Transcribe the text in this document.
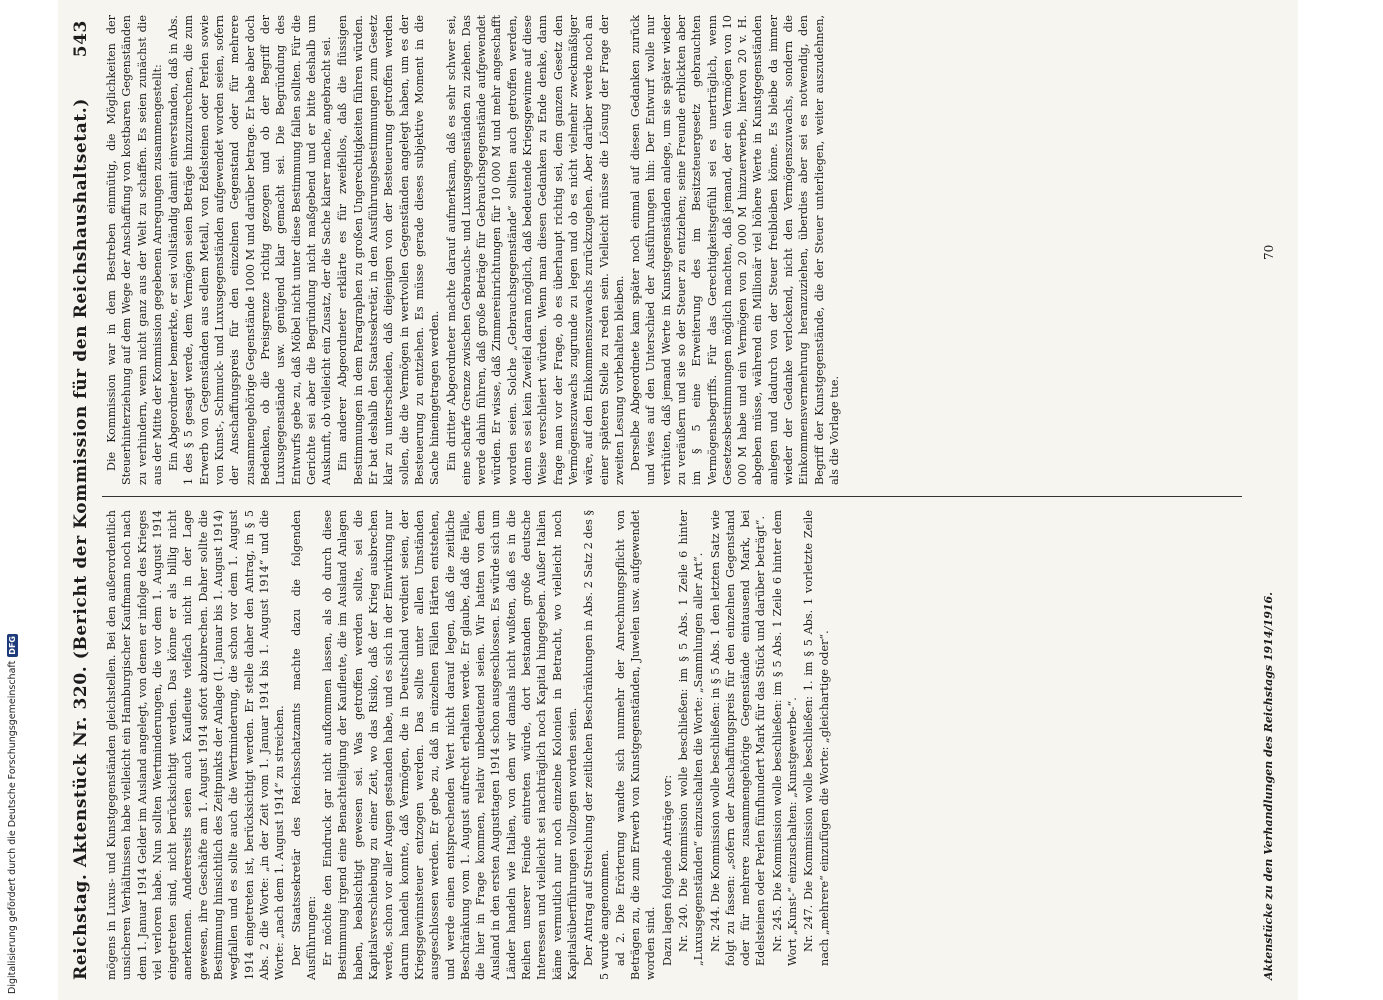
Reichstag. Aktenstück Nr. 320. (Bericht der Kommission für den Reichshaushaltsetat.)
543

mögens in Luxus- und Kunstgegenständen gleichstellen. Bei den außerordentlich unsicheren Verhältnissen habe vielleicht ein Hamburgischer Kaufmann noch nach dem 1. Januar 1914 Gelder im Ausland angelegt, von denen er infolge des Krieges viel verloren habe. Nun sollten Wertminderungen, die vor dem 1. August 1914 eingetreten sind, nicht berücksichtigt werden. Das könne er als billig nicht anerkennen. Andererseits seien auch Kaufleute vielfach nicht in der Lage gewesen, ihre Geschäfte am 1. August 1914 sofort abzubrechen. Daher sollte die Bestimmung hinsichtlich des Zeitpunkts der Anlage (1. Januar bis 1. August 1914) wegfallen und es sollte auch die Wertminderung, die schon vor dem 1. August 1914 eingetreten ist, berücksichtigt werden. Er stelle daher den Antrag, in § 5 Abs. 2 die Worte: „in der Zeit vom 1. Januar 1914 bis 1. August 1914“ und die Worte: „nach dem 1. August 1914“ zu streichen. Der Staatssekretär des Reichsschatzamts machte dazu die folgenden Ausführungen: Er möchte den Eindruck gar nicht aufkommen lassen, als ob durch diese Bestimmung irgend eine Benachteiligung der Kaufleute, die im Ausland Anlagen haben, beabsichtigt gewesen sei. Was getroffen werden sollte, sei die Kapitalsverschiebung zu einer Zeit, wo das Risiko, daß der Krieg ausbrechen werde, schon vor aller Augen gestanden habe, und es sich in der Einwirkung nur darum handeln konnte, daß Vermögen, die in Deutschland verdient seien, der Kriegsgewinnsteuer entzogen werden. Das sollte unter allen Umständen ausgeschlossen werden. Er gebe zu, daß in einzelnen Fällen Härten entstehen, und werde einen entsprechenden Wert nicht darauf legen, daß die zeitliche Beschränkung vom 1. August aufrecht erhalten werde. Er glaube, daß die Fälle, die hier in Frage kommen, relativ unbedeutend seien. Wir hatten von dem Ausland in den ersten Augusttagen 1914 schon ausgeschlossen. Es würde sich um Länder handeln wie Italien, von dem wir damals nicht wußten, daß es in die Reihen unserer Feinde eintreten würde, dort bestanden große deutsche Interessen und vielleicht sei nachträglich noch Kapital hingegeben. Außer Italien käme vermutlich nur noch einzelne Kolonien in Betracht, wo vielleicht noch Kapitalsüberführungen vollzogen worden seien. Der Antrag auf Streichung der zeitlichen Beschränkungen in Abs. 2 Satz 2 des § 5 wurde angenommen. ad 2. Die Erörterung wandte sich nunmehr der Anrechnungspflicht von Beträgen zu, die zum Erwerb von Kunstgegenständen, Juwelen usw. aufgewendet worden sind. Dazu lagen folgende Anträge vor: Nr. 240. Die Kommission wolle beschließen: im § 5 Abs. 1 Zeile 6 hinter „Luxusgegenständen“ einzuschalten die Worte: „Sammlungen aller Art“. Nr. 244. Die Kommission wolle beschließen: in § 5 Abs. 1 den letzten Satz wie folgt zu fassen: „sofern der Anschaffungspreis für den einzelnen Gegenstand oder für mehrere zusammengehörige Gegenstände eintausend Mark, bei Edelsteinen oder Perlen fünfhundert Mark für das Stück und darüber beträgt“. Nr. 245. Die Kommission wolle beschließen: im § 5 Abs. 1 Zeile 6 hinter dem Wort „Kunst-“ einzuschalten: „Kunstgewerbe-“. Nr. 247. Die Kommission wolle beschließen: 1. im § 5 Abs. 1 vorletzte Zeile nach „mehrere“ einzufügen die Worte: „gleichartige oder“.

Die Kommission war in dem Bestreben einmütig, die Möglichkeiten der Steuerhinterziehung auf dem Wege der Anschaffung von kostbaren Gegenständen zu verhindern, wenn nicht ganz aus der Welt zu schaffen. Es seien zunächst die aus der Mitte der Kommission gegebenen Anregungen zusammengestellt: Ein Abgeordneter bemerkte, er sei vollständig damit einverstanden, daß in Abs. 1 des § 5 gesagt werde, dem Vermögen seien Beträge hinzuzurechnen, die zum Erwerb von Gegenständen aus edlem Metall, von Edelsteinen oder Perlen sowie von Kunst-, Schmuck- und Luxusgegenständen aufgewendet worden seien, sofern der Anschaffungspreis für den einzelnen Gegenstand oder für mehrere zusammengehörige Gegenstände 1000 M und darüber betrage. Er habe aber doch Bedenken, ob die Preisgrenze richtig gezogen und ob der Begriff der Luxusgegenstände usw. genügend klar gemacht sei. Die Begründung des Entwurfs gebe zu, daß Möbel nicht unter diese Bestimmung fallen sollten. Für die Gerichte sei aber die Begründung nicht maßgebend und er bitte deshalb um Auskunft, ob vielleicht ein Zusatz, der die Sache klarer mache, angebracht sei. Ein anderer Abgeordneter erklärte es für zweifellos, daß die flüssigen Bestimmungen in dem Paragraphen zu großen Ungerechtigkeiten führen würden. Er bat deshalb den Staatssekretär, in den Ausführungsbestimmungen zum Gesetz klar zu unterscheiden, daß diejenigen von der Besteuerung getroffen werden sollen, die die Vermögen in wertvollen Gegenständen angelegt haben, um es der Besteuerung zu entziehen. Es müsse gerade dieses subjektive Moment in die Sache hineingetragen werden. Ein dritter Abgeordneter machte darauf aufmerksam, daß es sehr schwer sei, eine scharfe Grenze zwischen Gebrauchs- und Luxusgegenständen zu ziehen. Das werde dahin führen, daß große Beträge für Gebrauchsgegenstände aufgewendet würden. Er wisse, daß Zimmereinrichtungen für 10 000 M und mehr angeschafft worden seien. Solche „Gebrauchsgegenstände“ sollten auch getroffen werden, denn es sei kein Zweifel daran möglich, daß bedeutende Kriegsgewinne auf diese Weise verschleiert würden. Wenn man diesen Gedanken zu Ende denke, dann frage man vor der Frage, ob es überhaupt richtig sei, dem ganzen Gesetz den Vermögenszuwachs zugrunde zu legen und ob es nicht vielmehr zweckmäßiger wäre, auf den Einkommenszuwachs zurückzugehen. Aber darüber werde noch an einer späteren Stelle zu reden sein. Vielleicht müsse die Lösung der Frage der zweiten Lesung vorbehalten bleiben. Derselbe Abgeordnete kam später noch einmal auf diesen Gedanken zurück und wies auf den Unterschied der Ausführungen hin: Der Entwurf wolle nur verhüten, daß jemand Werte in Kunstgegenständen anlege, um sie später wieder zu veräußern und sie so der Steuer zu entziehen; seine Freunde erblickten aber im § 5 eine Erweiterung des im Besitzsteuergesetz gebrauchten Vermögensbegriffs. Für das Gerechtigkeitsgefühl sei es unerträglich, wenn Gesetzesbestimmungen möglich machten, daß jemand, der ein Vermögen von 10 000 M habe und ein Vermögen von 20 000 M hinzuerwerbe, hiervon 20 v. H. abgeben müsse, während ein Millionär viel höhere Werte in Kunstgegenständen anlegen und dadurch von der Steuer freibleiben könne. Es bleibe da immer wieder der Gedanke verlockend, nicht den Vermögenszuwachs, sondern die Einkommensvermehrung heranzuziehen, überdies aber sei es notwendig, den Begriff der Kunstgegenstände, die der Steuer unterliegen, weiter auszudehnen, als die Vorlage tue.

Aktenstücke zu den Verhandlungen des Reichstags 1914/1916.
70
Digitalisierung gefördert durch die Deutsche Forschungsgemeinschaft
DFG
